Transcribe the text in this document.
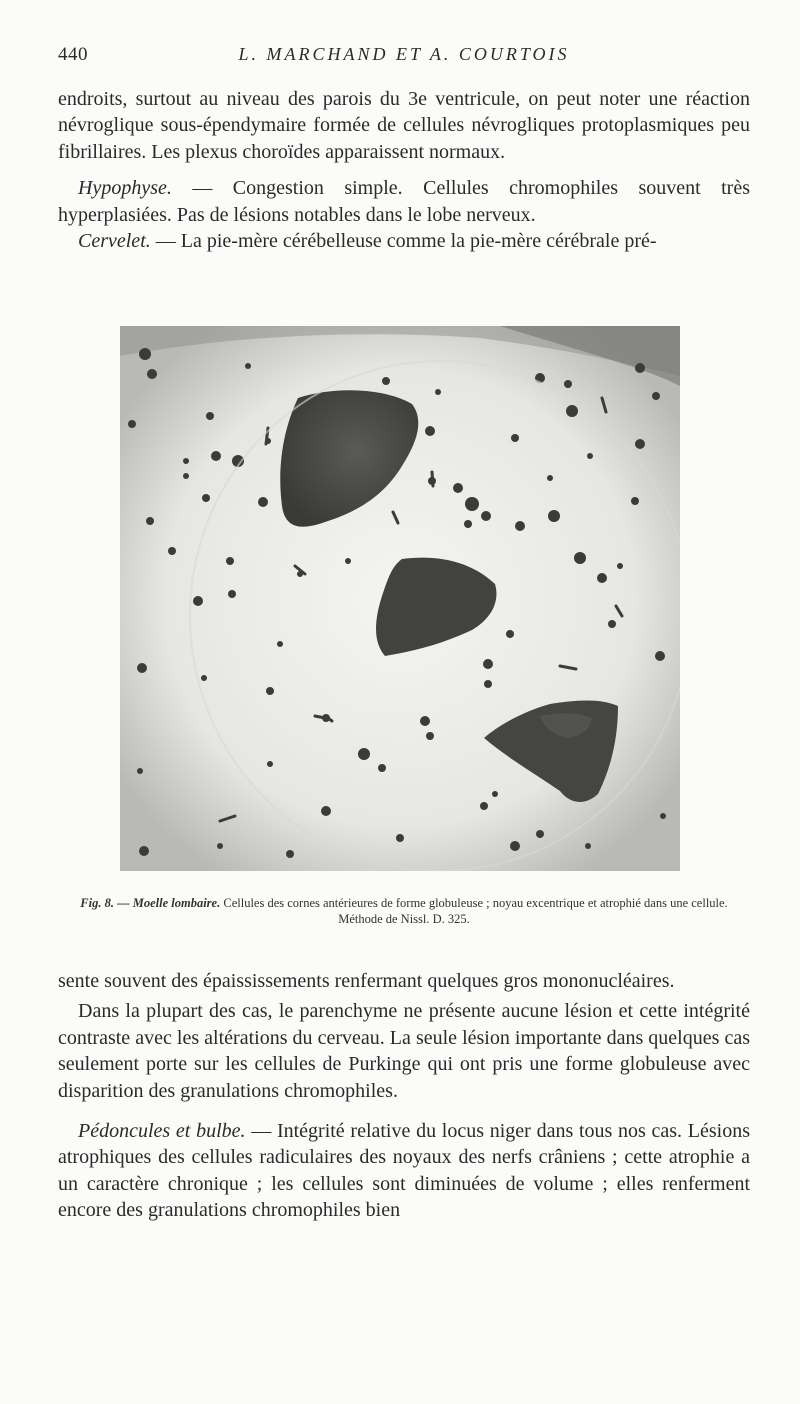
440	L. MARCHAND ET A. COURTOIS

endroits, surtout au niveau des parois du 3e ventricule, on peut noter une réaction névroglique sous-épendymaire formée de cellules névrogliques protoplasmiques peu fibrillaires. Les plexus choroïdes apparaissent normaux.

Hypophyse. — Congestion simple. Cellules chromophiles souvent très hyperplasiées. Pas de lésions notables dans le lobe nerveux.

Cervelet. — La pie-mère cérébelleuse comme la pie-mère cérébrale pré-

Fig. 8. — Moelle lombaire. Cellules des cornes antérieures de forme globuleuse ; noyau excentrique et atrophié dans une cellule. Méthode de Nissl. D. 325.

sente souvent des épaississements renfermant quelques gros mononucléaires.

Dans la plupart des cas, le parenchyme ne présente aucune lésion et cette intégrité contraste avec les altérations du cerveau. La seule lésion importante dans quelques cas seulement porte sur les cellules de Purkinge qui ont pris une forme globuleuse avec disparition des granulations chromophiles.

Pédoncules et bulbe. — Intégrité relative du locus niger dans tous nos cas. Lésions atrophiques des cellules radiculaires des noyaux des nerfs crâniens ; cette atrophie a un caractère chronique ; les cellules sont diminuées de volume ; elles renferment encore des granulations chromophiles bien
